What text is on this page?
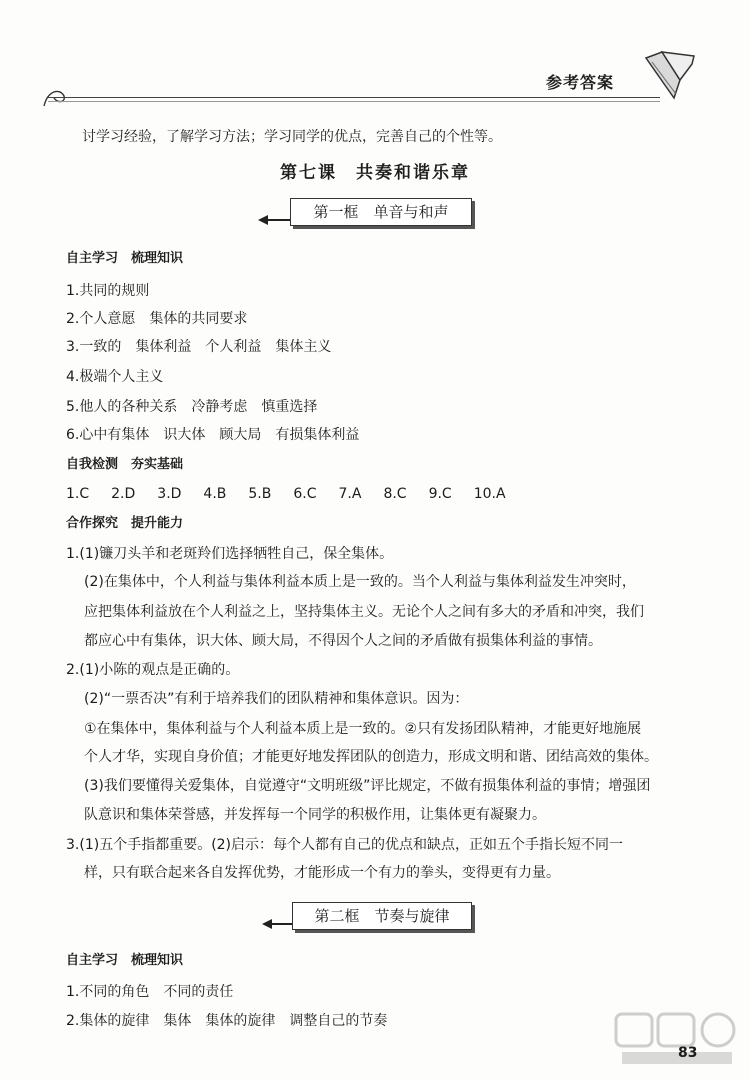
参考答案
讨学习经验，了解学习方法；学习同学的优点，完善自己的个性等。
第七课　共奏和谐乐章
第一框　单音与和声
自主学习　梳理知识
1.共同的规则
2.个人意愿　集体的共同要求
3.一致的　集体利益　个人利益　集体主义
4.极端个人主义
5.他人的各种关系　冷静考虑　慎重选择
6.心中有集体　识大体　顾大局　有损集体利益
自我检测　夯实基础
1.C 2.D 3.D 4.B 5.B 6.C 7.A 8.C 9.C 10.A
合作探究　提升能力
1.(1)镰刀头羊和老斑羚们选择牺牲自己，保全集体。
(2)在集体中，个人利益与集体利益本质上是一致的。当个人利益与集体利益发生冲突时，
应把集体利益放在个人利益之上，坚持集体主义。无论个人之间有多大的矛盾和冲突，我们
都应心中有集体，识大体、顾大局，不得因个人之间的矛盾做有损集体利益的事情。
2.(1)小陈的观点是正确的。
(2)“一票否决”有利于培养我们的团队精神和集体意识。因为：
①在集体中，集体利益与个人利益本质上是一致的。②只有发扬团队精神，才能更好地施展
个人才华，实现自身价值；才能更好地发挥团队的创造力，形成文明和谐、团结高效的集体。
(3)我们要懂得关爱集体，自觉遵守“文明班级”评比规定，不做有损集体利益的事情；增强团
队意识和集体荣誉感，并发挥每一个同学的积极作用，让集体更有凝聚力。
3.(1)五个手指都重要。(2)启示：每个人都有自己的优点和缺点，正如五个手指长短不同一
样，只有联合起来各自发挥优势，才能形成一个有力的拳头，变得更有力量。
第二框　节奏与旋律
自主学习　梳理知识
1.不同的角色　不同的责任
2.集体的旋律　集体　集体的旋律　调整自己的节奏
83
